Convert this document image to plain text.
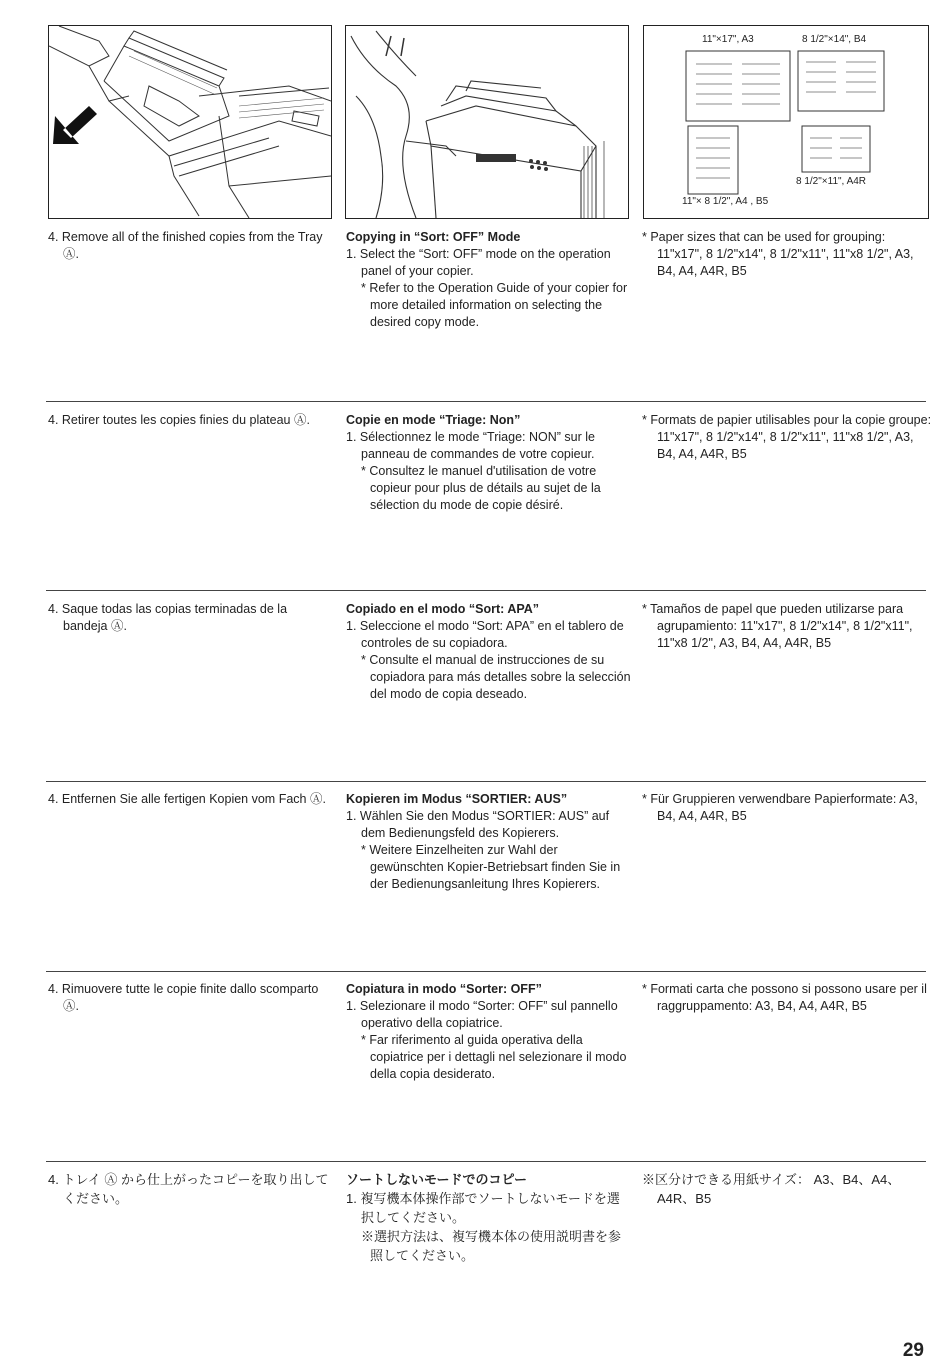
11"×17", A3	8 1/2"×14", B4
8 1/2"×11", A4R
11"× 8 1/2", A4 , B5

4. Remove all of the finished copies from the Tray Ⓐ.

Copying in “Sort: OFF” Mode

1. Select the “Sort: OFF” mode on the operation panel of your copier.

* Refer to the Operation Guide of your copier for more detailed information on selecting the desired copy mode.

* Paper sizes that can be used for grouping: 11"x17", 8 1/2"x14", 8 1/2"x11", 11"x8 1/2", A3, B4, A4, A4R, B5

4. Retirer toutes les copies finies du plateau Ⓐ.	Copie en mode “Triage: Non”

1. Sélectionnez le mode “Triage: NON” sur le panneau de commandes de votre copieur.

* Consultez le manuel d'utilisation de votre copieur pour plus de détails au sujet de la sélection du mode de copie désiré.

* Formats de papier utilisables pour la copie groupe: 11"x17", 8 1/2"x14", 8 1/2"x11", 11"x8 1/2", A3, B4, A4, A4R, B5

4. Saque todas las copias terminadas de la bandeja Ⓐ.

Copiado en el modo “Sort: APA”

1. Seleccione el modo “Sort: APA” en el tablero de controles de su copiadora.

* Consulte el manual de instrucciones de su copiadora para más detalles sobre la selección del modo de copia deseado.

* Tamaños de papel que pueden utilizarse para agrupamiento: 11"x17", 8 1/2"x14", 8 1/2"x11", 11"x8 1/2", A3, B4, A4, A4R, B5

4. Entfernen Sie alle fertigen Kopien vom Fach Ⓐ.	Kopieren im Modus “SORTIER: AUS”

1. Wählen Sie den Modus “SORTIER: AUS” auf dem Bedienungsfeld des Kopierers.

* Weitere Einzelheiten zur Wahl der gewünschten Kopier-Betriebsart finden Sie in der Bedienungsanleitung Ihres Kopierers.

* Für Gruppieren verwendbare Papierformate: A3, B4, A4, A4R, B5

4. Rimuovere tutte le copie finite dallo scomparto Ⓐ.

Copiatura in modo “Sorter: OFF”

1. Selezionare il modo “Sorter: OFF” sul pannello operativo della copiatrice.

* Far riferimento al guida operativa della copiatrice per i dettagli nel selezionare il modo della copia desiderato.

* Formati carta che possono si possono usare per il raggruppamento: A3, B4, A4, A4R, B5

4. トレイ Ⓐ から仕上がったコピーを取り出してください。

ソートしないモードでのコピー

1. 複写機本体操作部でソートしないモードを選択してください。

※選択方法は、複写機本体の使用説明書を参照してください。

※区分けできる用紙サイズ： A3、B4、A4、A4R、B5

29
